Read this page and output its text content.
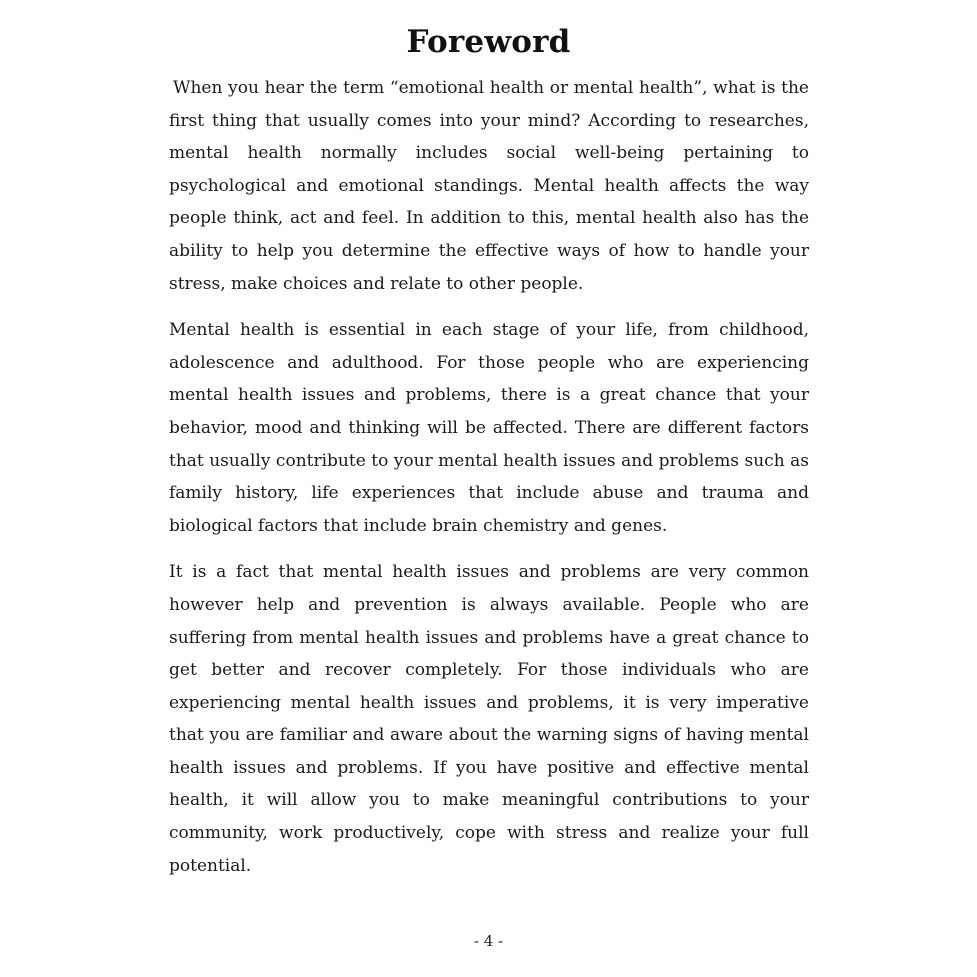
Foreword

When you hear the term “emotional health or mental health”, what is the first thing that usually comes into your mind? According to researches, mental health normally includes social well-being pertaining to psychological and emotional standings. Mental health affects the way people think, act and feel. In addition to this, mental health also has the ability to help you determine the effective ways of how to handle your stress, make choices and relate to other people.

Mental health is essential in each stage of your life, from childhood, adolescence and adulthood. For those people who are experiencing mental health issues and problems, there is a great chance that your behavior, mood and thinking will be affected. There are different factors that usually contribute to your mental health issues and problems such as family history, life experiences that include abuse and trauma and biological factors that include brain chemistry and genes.

It is a fact that mental health issues and problems are very common however help and prevention is always available. People who are suffering from mental health issues and problems have a great chance to get better and recover completely. For those individuals who are experiencing mental health issues and problems, it is very imperative that you are familiar and aware about the warning signs of having mental health issues and problems. If you have positive and effective mental health, it will allow you to make meaningful contributions to your community, work productively, cope with stress and realize your full potential.

- 4 -
